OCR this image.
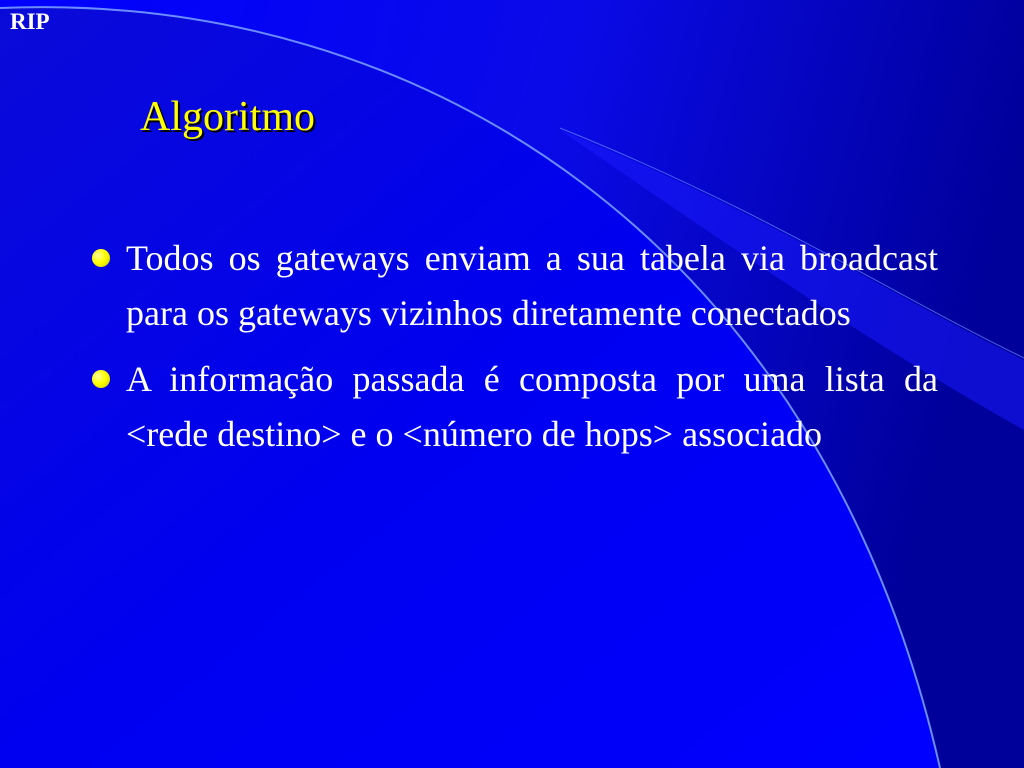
RIP
Algoritmo
Todos os gateways enviam a sua tabela via broadcast para os gateways vizinhos diretamente conectados
A informação passada é composta por uma lista da <rede destino> e o <número de hops> associado
